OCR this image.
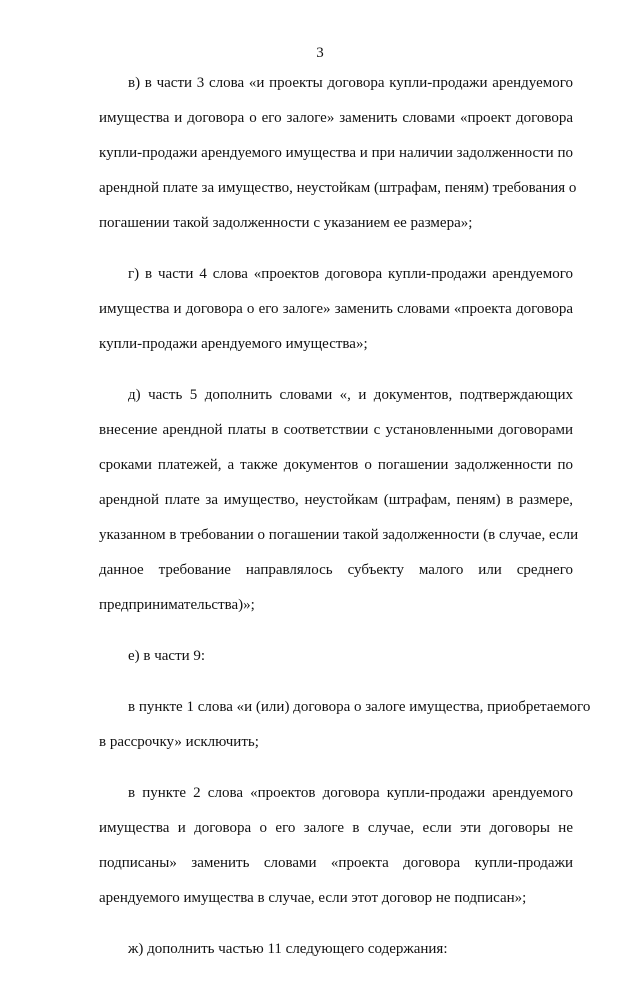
3
в) в части 3 слова «и проекты договора купли-продажи арендуемого
имущества и договора о его залоге» заменить словами «проект договора
купли-продажи арендуемого имущества и при наличии задолженности по
арендной плате за имущество, неустойкам (штрафам, пеням) требования о
погашении такой задолженности с указанием ее размера»;
г) в части 4 слова «проектов договора купли-продажи арендуемого
имущества и договора о его залоге» заменить словами «проекта договора
купли-продажи арендуемого имущества»;
д) часть 5 дополнить словами «, и документов, подтверждающих
внесение арендной платы в соответствии с установленными договорами
сроками платежей, а также документов о погашении задолженности по
арендной плате за имущество, неустойкам (штрафам, пеням) в размере,
указанном в требовании о погашении такой задолженности (в случае, если
данное требование направлялось субъекту малого или среднего
предпринимательства)»;
е) в части 9:
в пункте 1 слова «и (или) договора о залоге имущества, приобретаемого
в рассрочку» исключить;
в пункте 2 слова «проектов договора купли-продажи арендуемого
имущества и договора о его залоге в случае, если эти договоры не
подписаны» заменить словами «проекта договора купли-продажи
арендуемого имущества в случае, если этот договор не подписан»;
ж) дополнить частью 11 следующего содержания:
